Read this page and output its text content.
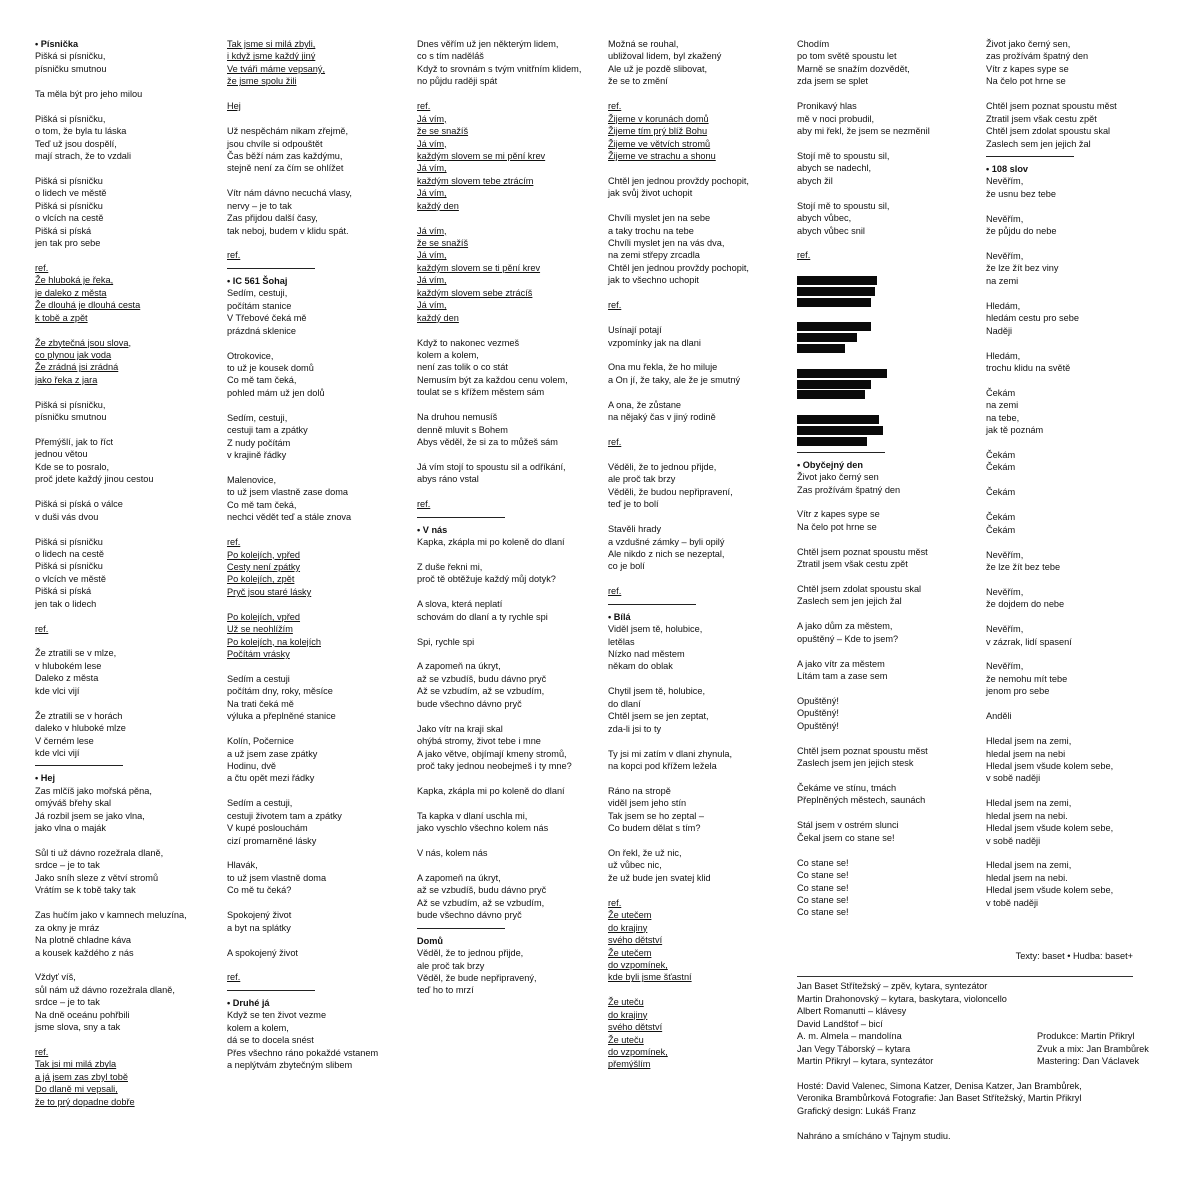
• Písnička
Pišká si písničku,
písničku smutnou
Ta měla být pro jeho milou
Pišká si písničku,
o tom, že byla tu láska
Teď už jsou dospělí,
mají strach, že to vzdali
Pišká si písničku
o lidech ve městě
Pišká si písničku
o vlcích na cestě
Pišká si píská
jen tak pro sebe
ref.
Že hluboká je řeka,
je daleko z města
Že dlouhá je dlouhá cesta
k tobě a zpět
Že zbytečná jsou slova,
co plynou jak voda
Že zrádná jsi zrádná
jako řeka z jara
Pišká si písničku,
písničku smutnou
Přemýšlí, jak to říct
jednou větou
Kde se to posralo,
proč jdete každý jinou cestou
Pišká si píská o válce
v duši vás dvou
Pišká si písničku
o lidech na cestě
Pišká si písničku
o vlcích ve městě
Pišká si píská
jen tak o lidech
ref.
Že ztratili se v mlze,
v hlubokém lese
Daleko z města
kde vlci vijí
Že ztratili se v horách
daleko v hluboké mlze
V černém lese
kde vlci vijí
• Hej
Zas mlčíš jako mořská pěna,
omýváš břehy skal
Já rozbil jsem se jako vlna,
jako vlna o maják
Sůl ti už dávno rozežrala dlaně,
srdce – je to tak
Jako sníh sleze z větví stromů
Vrátím se k tobě taky tak
Zas hučím jako v kamnech meluzína,
za okny je mráz
Na plotně chladne káva
a kousek každého z nás
Vždyť víš,
sůl nám už dávno rozežrala dlaně,
srdce – je to tak
Na dně oceánu pohřbili
jsme slova, sny a tak
ref.
Tak jsi mi milá zbyla
a já jsem zas zbyl tobě
Do dlaně mi vepsali,
že to prý dopadne dobře
Tak jsme si milá zbyli,
i když jsme každý jiný
Ve tváři máme vepsaný,
že jsme spolu žili
Hej
Už nespěchám nikam zřejmě,
jsou chvíle si odpouštět
Čas běží nám zas každýmu,
stejně není za čím se ohlížet
Vítr nám dávno necuchá vlasy,
nervy – je to tak
Zas přijdou další časy,
tak neboj, budem v klidu spát.
ref.
• IC 561 Šohaj
Sedím, cestuji,
počítám stanice
V Třebové čeká mě
prázdná sklenice
Otrokovice,
to už je kousek domů
Co mě tam čeká,
pohled mám už jen dolů
Sedím, cestuji,
cestuji tam a zpátky
Z nudy počítám
v krajině řádky
Malenovice,
to už jsem vlastně zase doma
Co mě tam čeká,
nechci vědět teď a stále znova
ref.
Po kolejích, vpřed
Cesty není zpátky
Po kolejích, zpět
Pryč jsou staré lásky
Po kolejích, vpřed
Už se neohlížím
Po kolejích, na kolejích
Počítám vrásky
Sedím a cestuji
počítám dny, roky, měsíce
Na trati čeká mě
výluka a přeplněné stanice
Kolín, Počernice
a už jsem zase zpátky
Hodinu, dvě
a čtu opět mezi řádky
Sedím a cestuji,
cestuji životem tam a zpátky
V kupé poslouchám
cizí promarněné lásky
Hlavák,
to už jsem vlastně doma
Co mě tu čeká?
Spokojený život
a byt na splátky
A spokojený život
ref.
• Druhé já
Když se ten život vezme
kolem a kolem,
dá se to docela snést
Přes všechno ráno pokaždé vstanem
a neplýtvám zbytečným slibem
Dnes věřím už jen některým lidem,
co s tím nadělá́š
Když to srovnám s tvým vnitřním klidem,
no půjdu raději spát
ref.
Já vím,
že se snažíš
Já vím,
každým slovem se mi pění krev
Já vím,
každým slovem tebe ztrácím
Já vím,
každý den
Já vím,
že se snažíš
Já vím,
každým slovem se ti pění krev
Já vím,
každým slovem sebe ztrácíš
Já vím,
každý den
Když to nakonec vezmeš
kolem a kolem,
není zas tolik o co stát
Nemusím být za každou cenu volem,
toulat se s křížem městem sám
Na druhou nemusíš
denně mluvit s Bohem
Abys věděl, že si za to můžeš sám
Já vím stojí to spoustu sil a odříkání,
abys ráno vstal
ref.
• V nás
Kapka, zkápla mi po koleně do dlaní
Z duše řekni mi,
proč tě obtěžuje každý můj dotyk?
A slova, která neplatí
schovám do dlaní a ty rychle spi
Spi, rychle spi
A zapomeň na úkryt,
až se vzbudíš, budu dávno pryč
Až se vzbudím, až se vzbudím,
bude všechno dávno pryč
Jako vítr na kraji skal
ohýbá stromy, život tebe i mne
A jako větve, objímají kmeny stromů,
proč taky jednou neobejmeš i ty mne?
Kapka, zkápla mi po koleně do dlaní
Ta kapka v dlaní uschla mi,
jako vyschlo všechno kolem nás
V nás, kolem nás
A zapomeň na úkryt,
až se vzbudíš, budu dávno pryč
Až se vzbudím, až se vzbudím,
bude všechno dávno pryč
Domů
Věděl, že to jednou přijde,
ale proč tak brzy
Věděl, že bude nepřipravený,
teď ho to mrzí
Možná se rouhal,
ubližoval lidem, byl zkažený
Ale už je pozdě slibovat,
že se to změní
ref.
Žijeme v korunách domů
Žijeme tím prý blíž Bohu
Žijeme ve větvích stromů
Žijeme ve strachu a shonu
Chtěl jen jednou provždy pochopit,
jak svůj život uchopit
Chvíli myslet jen na sebe
a taky trochu na tebe
Chvíli myslet jen na vás dva,
na zemi střepy zrcadla
Chtěl jen jednou provždy pochopit,
jak to všechno uchopit
ref.
Usínají potají
vzpomínky jak na dlani
Ona mu řekla, že ho miluje
a On jí, že taky, ale že je smutný
A ona, že zůstane
na nějaký čas v jiný rodině
ref.
Věděli, že to jednou přijde,
ale proč tak brzy
Věděli, že budou nepřipravení,
teď je to bolí
Stavěli hrady
a vzdušné zámky – byli opilý
Ale nikdo z nich se nezeptal,
co je bolí
ref.
• Bílá
Viděl jsem tě, holubice,
letělas
Nízko nad městem
někam do oblak
Chytil jsem tě, holubice,
do dlaní
Chtěl jsem se jen zeptat,
zda-li jsi to ty
Ty jsi mi zatím v dlani zhynula,
na kopci pod křížem ležela
Ráno na stropě
viděl jsem jeho stín
Tak jsem se ho zeptal –
Co budem dělat s tím?
On řekl, že už nic,
už vůbec nic,
že už bude jen svatej klid
ref.
Že utečem
do krajiny
svého dětství
Že utečem
do vzpomínek,
kde byli jsme šťastní
Že uteču
do krajiny
svého dětství
Že uteču
do vzpomínek,
přemýšlím
Chodím
po tom světě spoustu let
Marně se snažím dozvědět,
zda jsem se splet
Pronikavý hlas
mě v noci probudil,
aby mi řekl, že jsem se nezměnil
Stojí mě to spoustu sil,
abych se nadechl,
abych žil
Stojí mě to spoustu sil,
abych vůbec,
abych vůbec snil
ref.
• Obyčejný den
Život jako černý sen
Zas prožívám špatný den
Vítr z kapes sype se
Na čelo pot hrne se
Chtěl jsem poznat spoustu měst
Ztratil jsem však cestu zpět
Chtěl jsem zdolat spoustu skal
Zaslech sem jen jejich žal
A jako dům za městem,
opuštěný – Kde to jsem?
A jako vítr za městem
Lítám tam a zase sem
Opuštěný!
Opuštěný!
Opuštěný!
Chtěl jsem poznat spoustu měst
Zaslech jsem jen jejich stesk
Čekáme ve stínu, tmách
Přeplněných městech, saunách
Stál jsem v ostrém slunci
Čekal jsem co stane se!
Co stane se!
Co stane se!
Co stane se!
Co stane se!
Co stane se!
Život jako černý sen,
zas prožívám špatný den
Vítr z kapes sype se
Na čelo pot hrne se
Chtěl jsem poznat spoustu měst
Ztratil jsem však cestu zpět
Chtěl jsem zdolat spoustu skal
Zaslech sem jen jejich žal
• 108 slov
Nevěřím,
že usnu bez tebe
Nevěřím,
že půjdu do nebe
Nevěřím,
že lze žít bez viny
na zemi
Hledám,
hledám cestu pro sebe
Naději
Hledám,
trochu klidu na světě
Čekám
na zemi
na tebe,
jak tě poznám
Čekám
Čekám
Čekám
Čekám
Čekám
Nevěřím,
že lze žít bez tebe
Nevěřím,
že dojdem do nebe
Nevěřím,
v zázrak, lidí spasení
Nevěřím,
že nemohu mít tebe
jenom pro sebe
Anděli
Hledal jsem na zemi,
hledal jsem na nebi
Hledal jsem všude kolem sebe,
v sobě naději
Hledal jsem na zemi,
hledal jsem na nebi.
Hledal jsem všude kolem sebe,
v sobě naději
Hledal jsem na zemi,
hledal jsem na nebi.
Hledal jsem všude kolem sebe,
v tobě naději
Texty: baset • Hudba: baset+
Jan Baset Střítežský – zpěv, kytara, syntezátor
Martin Drahonovský – kytara, baskytara, violoncello
Albert Romanutti – klávesy
David Landštof – bicí
A. m. Almela – mandolína
Jan Vegy Táborský – kytara
Martin Přikryl – kytara, syntezátor
Produkce: Martin Přikryl
Zvuk a mix: Jan Brambůrek
Mastering: Dan Václavek
Hosté: David Valenec, Simona Katzer, Denisa Katzer, Jan Brambůrek,
Veronika Brambůrková Fotografie: Jan Baset Střítežský, Martin Přikryl
Grafický design: Lukáš Franz
Nahráno a smícháno v Tajnym studiu.
